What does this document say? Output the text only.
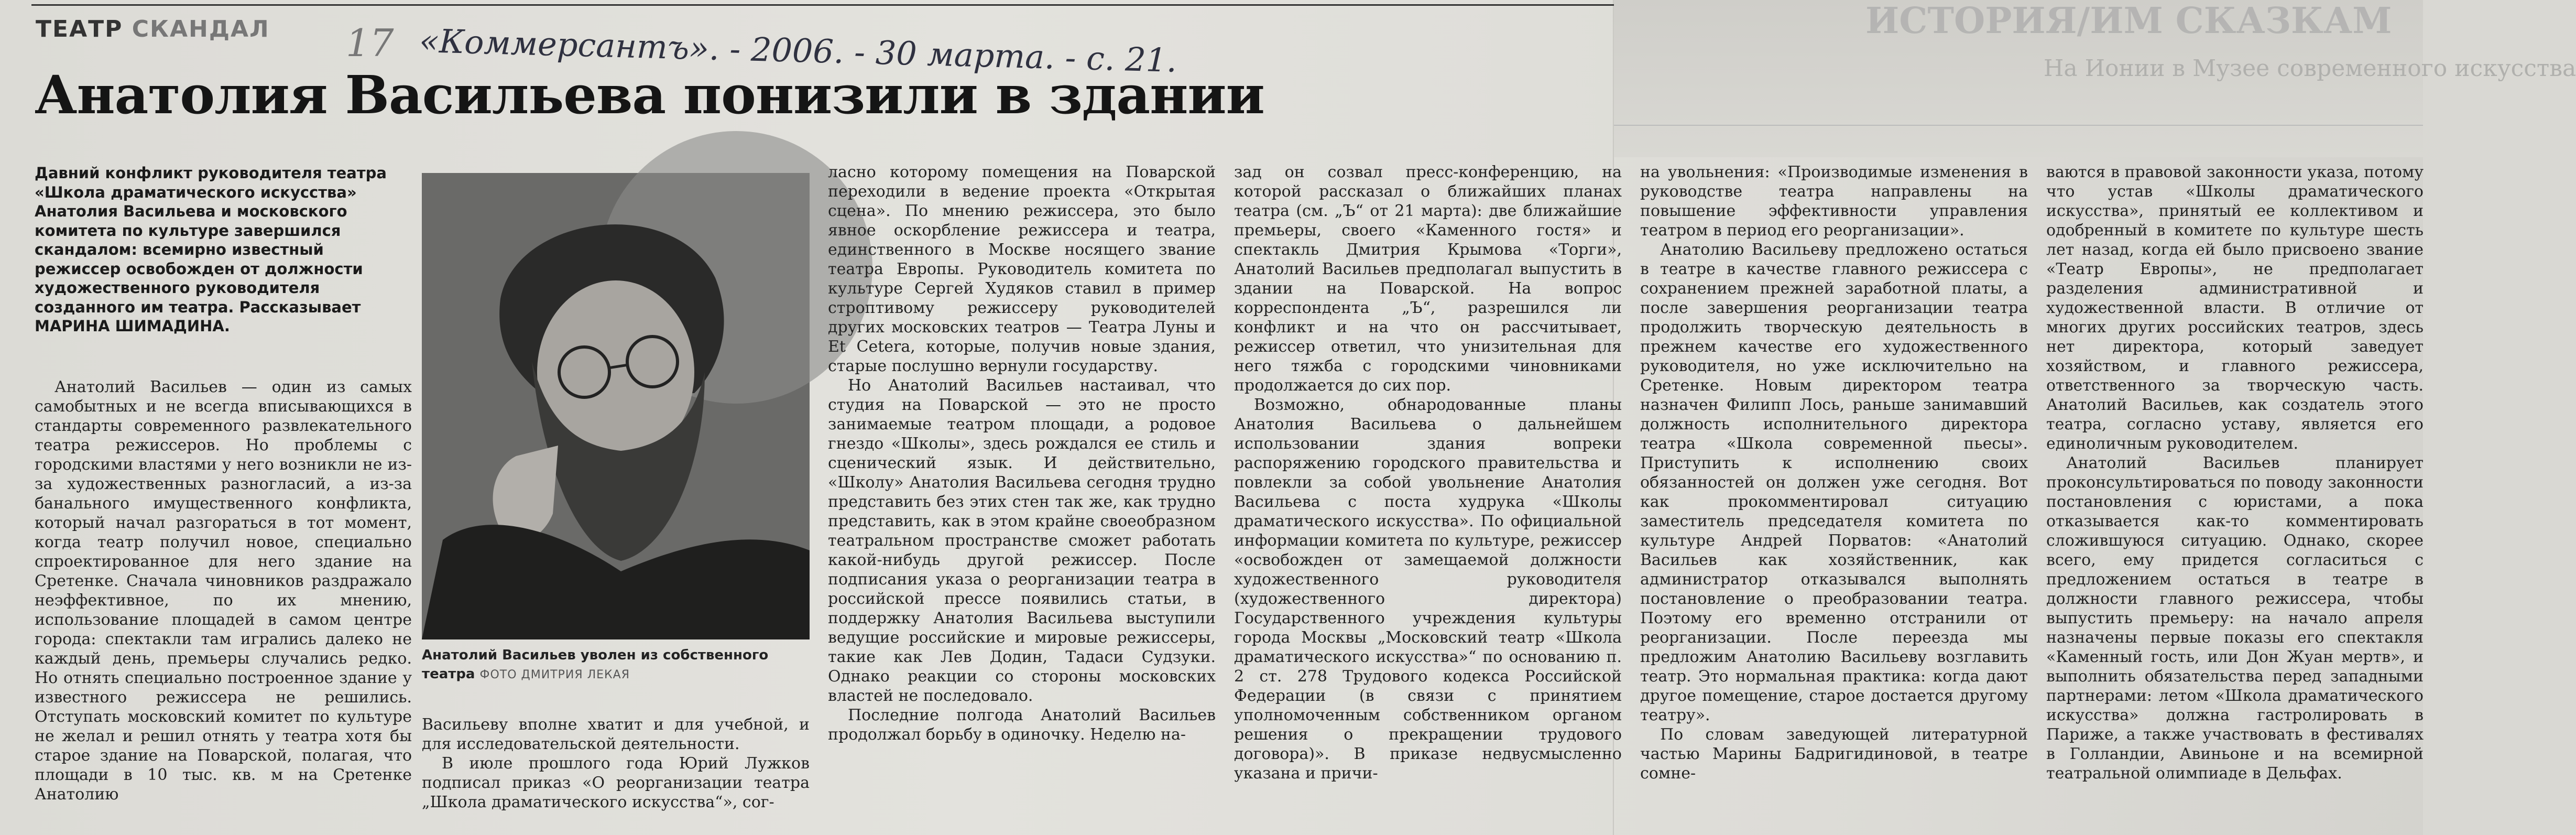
ИСТОРИЯ/ИМ СКАЗКАМ
На Ионии в Музее современного искусства
ТЕАТР СКАНДАЛ 17 «Коммерсантъ». - 2006. - 30 марта. - с. 21.
Анатолия Васильева понизили в здании
Давний конфликт руководителя театра «Школа драматического искусства» Анатолия Васильева и московского комитета по культуре завершился скандалом: всемирно известный режиссер освобожден от должности художественного руководителя созданного им театра. Рассказывает МАРИНА ШИМАДИНА.

Анатолий Васильев — один из самых самобытных и не всегда вписывающихся в стандарты современного развлекательного театра режиссеров. Но проблемы с городскими властями у него возникли не из-за художественных разногласий, а из-за банального имущественного конфликта, который начал разгораться в тот момент, когда театр получил новое, специально спроектированное для него здание на Сретенке. Сначала чиновников раздражало неэффективное, по их мнению, использование площадей в самом центре города: спектакли там игрались далеко не каждый день, премьеры случались редко. Но отнять специально построенное здание у известного режиссера не решились. Отступать московский комитет по культуре не желал и решил отнять у театра хотя бы старое здание на Поварской, полагая, что площади в 10 тыс. кв. м на Сретенке Анатолию

Анатолий Васильев уволен из собственного театра ФОТО ДМИТРИЯ ЛЕКАЯ

Васильеву вполне хватит и для учебной, и для исследовательской деятельности.

В июле прошлого года Юрий Лужков подписал приказ «О реорганизации театра „Школа драматического искусства“», сог-

ласно которому помещения на Поварской переходили в ведение проекта «Открытая сцена». По мнению режиссера, это было явное оскорбление режиссера и театра, единственного в Москве носящего звание театра Европы. Руководитель комитета по культуре Сергей Худяков ставил в пример строптивому режиссеру руководителей других московских театров — Театра Луны и Et Cetera, которые, получив новые здания, старые послушно вернули государству.

Но Анатолий Васильев настаивал, что студия на Поварской — это не просто занимаемые театром площади, а родовое гнездо «Школы», здесь рождался ее стиль и сценический язык. И действительно, «Школу» Анатолия Васильева сегодня трудно представить без этих стен так же, как трудно представить, как в этом крайне своеобразном театральном пространстве сможет работать какой-нибудь другой режиссер. После подписания указа о реорганизации театра в российской прессе появились статьи, в поддержку Анатолия Васильева выступили ведущие российские и мировые режиссеры, такие как Лев Додин, Тадаси Судзуки. Однако реакции со стороны московских властей не последовало.

Последние полгода Анатолий Васильев продолжал борьбу в одиночку. Неделю на-

зад он созвал пресс-конференцию, на которой рассказал о ближайших планах театра (см. „Ъ“ от 21 марта): две ближайшие премьеры, своего «Каменного гостя» и спектакль Дмитрия Крымова «Торги», Анатолий Васильев предполагал выпустить в здании на Поварской. На вопрос корреспондента „Ъ“, разрешился ли конфликт и на что он рассчитывает, режиссер ответил, что унизительная для него тяжба с городскими чиновниками продолжается до сих пор.

Возможно, обнародованные планы Анатолия Васильева о дальнейшем использовании здания вопреки распоряжению городского правительства и повлекли за собой увольнение Анатолия Васильева с поста худрука «Школы драматического искусства». По официальной информации комитета по культуре, режиссер «освобожден от замещаемой должности художественного руководителя (художественного директора) Государственного учреждения культуры города Москвы „Московский театр «Школа драматического искусства»“ по основанию п. 2 ст. 278 Трудового кодекса Российской Федерации (в связи с принятием уполномоченным собственником органом решения о прекращении трудового договора)». В приказе недвусмысленно указана и причи-

на увольнения: «Производимые изменения в руководстве театра направлены на повышение эффективности управления театром в период его реорганизации».

Анатолию Васильеву предложено остаться в театре в качестве главного режиссера с сохранением прежней заработной платы, а после завершения реорганизации театра продолжить творческую деятельность в прежнем качестве его художественного руководителя, но уже исключительно на Сретенке. Новым директором театра назначен Филипп Лось, раньше занимавший должность исполнительного директора театра «Школа современной пьесы». Приступить к исполнению своих обязанностей он должен уже сегодня. Вот как прокомментировал ситуацию заместитель председателя комитета по культуре Андрей Порватов: «Анатолий Васильев как хозяйственник, как администратор отказывался выполнять постановление о преобразовании театра. Поэтому его временно отстранили от реорганизации. После переезда мы предложим Анатолию Васильеву возглавить театр. Это нормальная практика: когда дают другое помещение, старое достается другому театру».

По словам заведующей литературной частью Марины Бадригидиновой, в театре сомне-

ваются в правовой законности указа, потому что устав «Школы драматического искусства», принятый ее коллективом и одобренный в комитете по культуре шесть лет назад, когда ей было присвоено звание «Театр Европы», не предполагает разделения административной и художественной власти. В отличие от многих других российских театров, здесь нет директора, который заведует хозяйством, и главного режиссера, ответственного за творческую часть. Анатолий Васильев, как создатель этого театра, согласно уставу, является его единоличным руководителем.

Анатолий Васильев планирует проконсультироваться по поводу законности постановления с юристами, а пока отказывается как-то комментировать сложившуюся ситуацию. Однако, скорее всего, ему придется согласиться с предложением остаться в театре в должности главного режиссера, чтобы выпустить премьеру: на начало апреля назначены первые показы его спектакля «Каменный гость, или Дон Жуан мертв», и выполнить обязательства перед западными партнерами: летом «Школа драматического искусства» должна гастролировать в Париже, а также участвовать в фестивалях в Голландии, Авиньоне и на всемирной театральной олимпиаде в Дельфах.
